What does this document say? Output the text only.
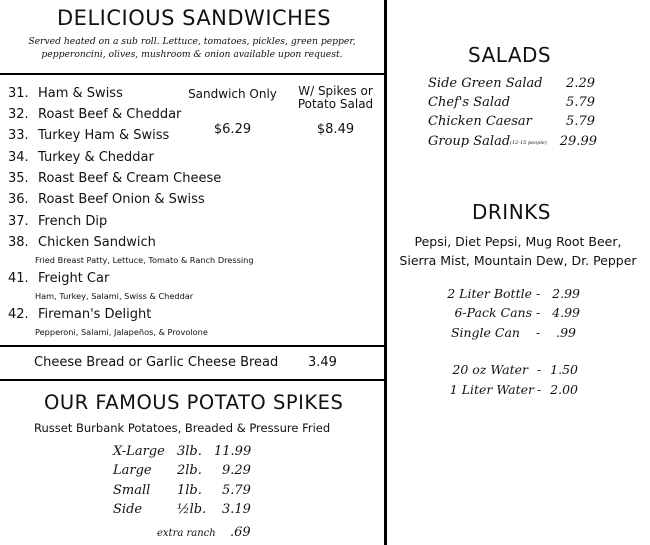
DELICIOUS SANDWICHES
Served heated on a sub roll. Lettuce, tomatoes, pickles, green pepper,
pepperoncini, olives, mushroom & onion available upon request.
Sandwich Only	W/ Spikes or
Potato Salad
$6.29	$8.49
31. Ham & Swiss
32. Roast Beef & Cheddar
33. Turkey Ham & Swiss
34. Turkey & Cheddar
35. Roast Beef & Cream Cheese
36. Roast Beef Onion & Swiss
37. French Dip
38. Chicken Sandwich
Fried Breast Patty, Lettuce, Tomato & Ranch Dressing
41. Freight Car
Ham, Turkey, Salami, Swiss & Cheddar
42. Fireman's Delight
Pepperoni, Salami, Jalapeños, & Provolone
Cheese Bread or Garlic Cheese Bread 3.49
OUR FAMOUS POTATO SPIKES
Russet Burbank Potatoes, Breaded & Pressure Fried
X-Large 3lb. 11.99
Large 2lb. 9.29
Small 1lb. 5.79
Side	½lb. 3.19
extra ranch .69
SALADS
Side Green Salad	2.29
Chef's Salad	5.79
Chicken Caesar	5.79
Group Salad (12-15 people) 29.99
DRINKS
Pepsi, Diet Pepsi, Mug Root Beer,
Sierra Mist, Mountain Dew, Dr. Pepper
2 Liter Bottle - 2.99
6-Pack Cans - 4.99
Single Can -	.99
20 oz Water - 1.50
1 Liter Water - 2.00
